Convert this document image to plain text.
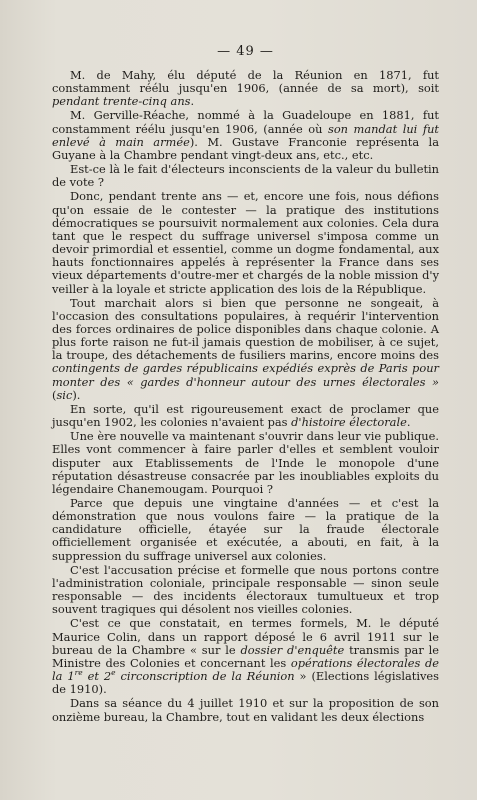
— 49 —

M. de Mahy, élu député de la Réunion en 1871, fut constamment réélu jusqu'en 1906, (année de sa mort), soit pendant trente-cinq ans.

M. Gerville-Réache, nommé à la Guadeloupe en 1881, fut constamment réélu jusqu'en 1906, (année où son mandat lui fut enlevé à main armée). M. Gustave Franconie représenta la Guyane à la Chambre pendant vingt-deux ans, etc., etc.

Est-ce là le fait d'électeurs inconscients de la valeur du bulletin de vote ?

Donc, pendant trente ans — et, encore une fois, nous défions qu'on essaie de le contester — la pratique des institutions démocratiques se poursuivit normalement aux colonies. Cela dura tant que le respect du suffrage universel s'imposa comme un devoir primordial et essentiel, comme un dogme fondamental, aux hauts fonctionnaires appelés à représenter la France dans ses vieux départements d'outre-mer et chargés de la noble mission d'y veiller à la loyale et stricte application des lois de la République.

Tout marchait alors si bien que personne ne songeait, à l'occasion des consultations populaires, à requérir l'intervention des forces ordinaires de police disponibles dans chaque colonie. A plus forte raison ne fut-il jamais question de mobiliser, à ce sujet, la troupe, des détachements de fusiliers marins, encore moins des contingents de gardes républicains expédiés exprès de Paris pour monter des « gardes d'honneur autour des urnes électorales » (sic).

En sorte, qu'il est rigoureusement exact de proclamer que jusqu'en 1902, les colonies n'avaient pas d'histoire électorale.

Une ère nouvelle va maintenant s'ouvrir dans leur vie publique. Elles vont commencer à faire parler d'elles et semblent vouloir disputer aux Etablissements de l'Inde le monopole d'une réputation désastreuse consacrée par les inoubliables exploits du légendaire Chanemougam. Pourquoi ?

Parce que depuis une vingtaine d'années — et c'est la démonstration que nous voulons faire — la pratique de la candidature officielle, étayée sur la fraude électorale officiellement organisée et exécutée, a abouti, en fait, à la suppression du suffrage universel aux colonies.

C'est l'accusation précise et formelle que nous portons contre l'administration coloniale, principale responsable — sinon seule responsable — des incidents électoraux tumultueux et trop souvent tragiques qui désolent nos vieilles colonies.

C'est ce que constatait, en termes formels, M. le député Maurice Colin, dans un rapport déposé le 6 avril 1911 sur le bureau de la Chambre « sur le dossier d'enquête transmis par le Ministre des Colonies et concernant les opérations électorales de la 1re et 2e circonscription de la Réunion » (Elections législatives de 1910).

Dans sa séance du 4 juillet 1910 et sur la proposition de son onzième bureau, la Chambre, tout en validant les deux élections
